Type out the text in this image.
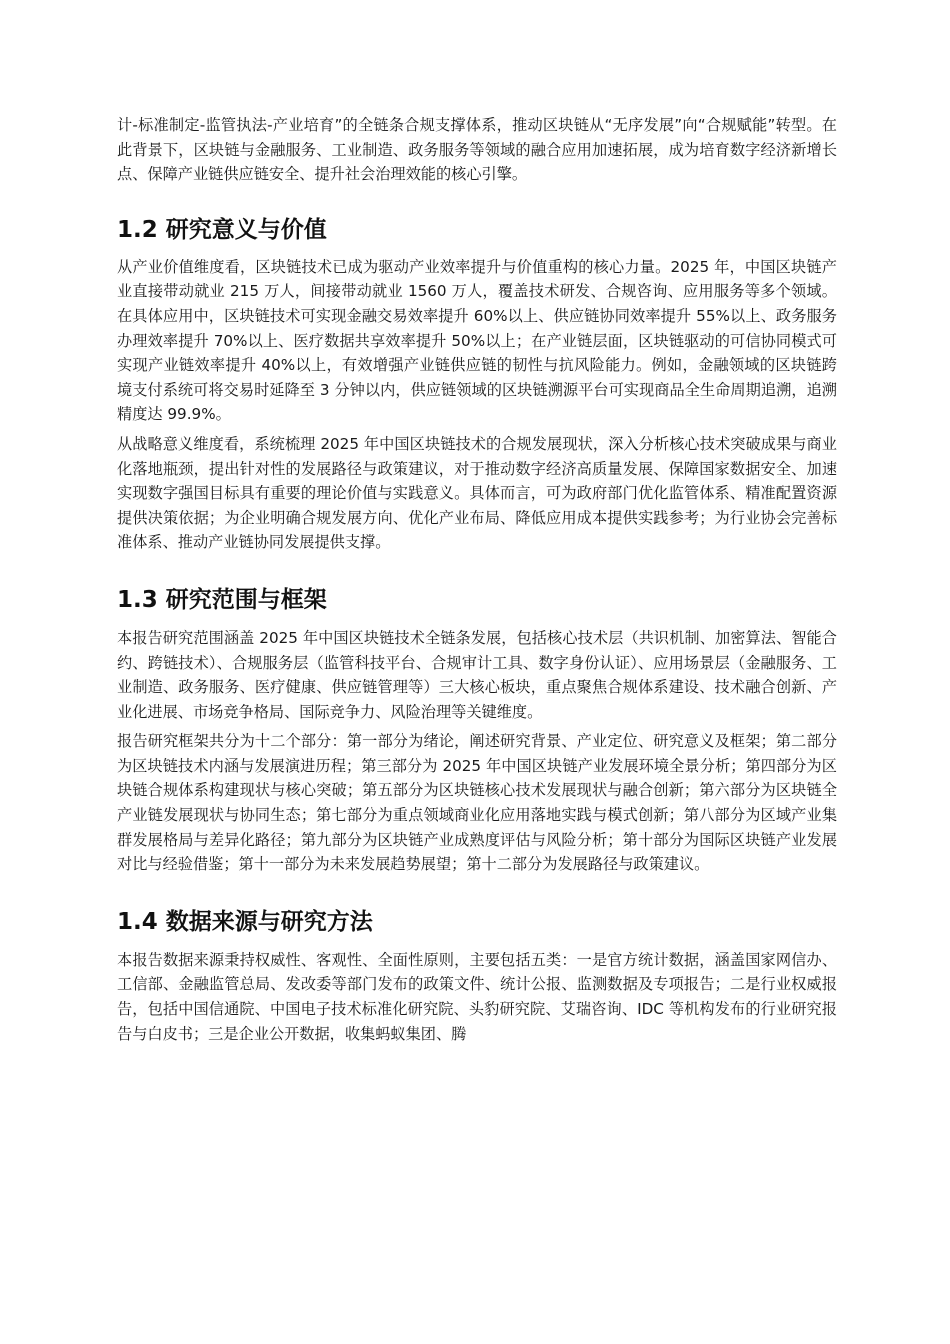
计-标准制定-监管执法-产业培育”的全链条合规支撑体系，推动区块链从“无序发展”向“合规赋能”转型。在此背景下，区块链与金融服务、工业制造、政务服务等领域的融合应用加速拓展，成为培育数字经济新增长点、保障产业链供应链安全、提升社会治理效能的核心引擎。

1.2 研究意义与价值

从产业价值维度看，区块链技术已成为驱动产业效率提升与价值重构的核心力量。2025 年，中国区块链产业直接带动就业 215 万人，间接带动就业 1560 万人，覆盖技术研发、合规咨询、应用服务等多个领域。在具体应用中，区块链技术可实现金融交易效率提升 60%以上、供应链协同效率提升 55%以上、政务服务办理效率提升 70%以上、医疗数据共享效率提升 50%以上；在产业链层面，区块链驱动的可信协同模式可实现产业链效率提升 40%以上，有效增强产业链供应链的韧性与抗风险能力。例如，金融领域的区块链跨境支付系统可将交易时延降至 3 分钟以内，供应链领域的区块链溯源平台可实现商品全生命周期追溯，追溯精度达 99.9%。

从战略意义维度看，系统梳理 2025 年中国区块链技术的合规发展现状，深入分析核心技术突破成果与商业化落地瓶颈，提出针对性的发展路径与政策建议，对于推动数字经济高质量发展、保障国家数据安全、加速实现数字强国目标具有重要的理论价值与实践意义。具体而言，可为政府部门优化监管体系、精准配置资源提供决策依据；为企业明确合规发展方向、优化产业布局、降低应用成本提供实践参考；为行业协会完善标准体系、推动产业链协同发展提供支撑。

1.3 研究范围与框架

本报告研究范围涵盖 2025 年中国区块链技术全链条发展，包括核心技术层（共识机制、加密算法、智能合约、跨链技术）、合规服务层（监管科技平台、合规审计工具、数字身份认证）、应用场景层（金融服务、工业制造、政务服务、医疗健康、供应链管理等）三大核心板块，重点聚焦合规体系建设、技术融合创新、产业化进展、市场竞争格局、国际竞争力、风险治理等关键维度。

报告研究框架共分为十二个部分：第一部分为绪论，阐述研究背景、产业定位、研究意义及框架；第二部分为区块链技术内涵与发展演进历程；第三部分为 2025 年中国区块链产业发展环境全景分析；第四部分为区块链合规体系构建现状与核心突破；第五部分为区块链核心技术发展现状与融合创新；第六部分为区块链全产业链发展现状与协同生态；第七部分为重点领域商业化应用落地实践与模式创新；第八部分为区域产业集群发展格局与差异化路径；第九部分为区块链产业成熟度评估与风险分析；第十部分为国际区块链产业发展对比与经验借鉴；第十一部分为未来发展趋势展望；第十二部分为发展路径与政策建议。

1.4 数据来源与研究方法

本报告数据来源秉持权威性、客观性、全面性原则，主要包括五类：一是官方统计数据，涵盖国家网信办、工信部、金融监管总局、发改委等部门发布的政策文件、统计公报、监测数据及专项报告；二是行业权威报告，包括中国信通院、中国电子技术标准化研究院、头豹研究院、艾瑞咨询、IDC 等机构发布的行业研究报告与白皮书；三是企业公开数据，收集蚂蚁集团、腾
